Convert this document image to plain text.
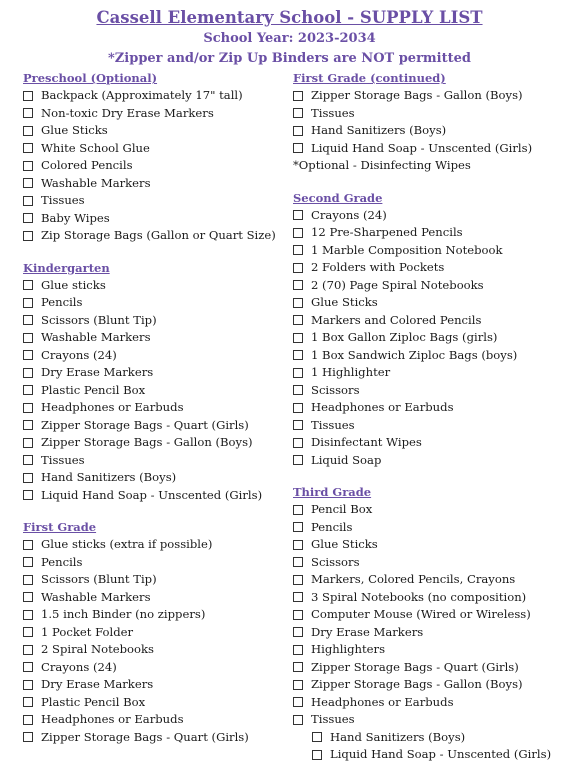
Cassell Elementary School - SUPPLY LIST
School Year: 2023-2034
*Zipper and/or Zip Up Binders are NOT permitted
Preschool (Optional)
Backpack (Approximately 17" tall)
Non-toxic Dry Erase Markers
Glue Sticks
White School Glue
Colored Pencils
Washable Markers
Tissues
Baby Wipes
Zip Storage Bags (Gallon or Quart Size)
Kindergarten
Glue sticks
Pencils
Scissors (Blunt Tip)
Washable Markers
Crayons (24)
Dry Erase Markers
Plastic Pencil Box
Headphones or Earbuds
Zipper Storage Bags - Quart (Girls)
Zipper Storage Bags - Gallon (Boys)
Tissues
Hand Sanitizers (Boys)
Liquid Hand Soap - Unscented (Girls)
First Grade
Glue sticks (extra if possible)
Pencils
Scissors (Blunt Tip)
Washable Markers
1.5 inch Binder (no zippers)
1 Pocket Folder
2 Spiral Notebooks
Crayons (24)
Dry Erase Markers
Plastic Pencil Box
Headphones or Earbuds
Zipper Storage Bags - Quart (Girls)
First Grade (continued)
Zipper Storage Bags - Gallon (Boys)
Tissues
Hand Sanitizers (Boys)
Liquid Hand Soap - Unscented (Girls)
*Optional - Disinfecting Wipes
Second Grade
Crayons (24)
12 Pre-Sharpened Pencils
1 Marble Composition Notebook
2 Folders with Pockets
2 (70) Page Spiral Notebooks
Glue Sticks
Markers and Colored Pencils
1 Box Gallon Ziploc Bags (girls)
1 Box Sandwich Ziploc Bags (boys)
1 Highlighter
Scissors
Headphones or Earbuds
Tissues
Disinfectant Wipes
Liquid Soap
Third Grade
Pencil Box
Pencils
Glue Sticks
Scissors
Markers, Colored Pencils, Crayons
3 Spiral Notebooks (no composition)
Computer Mouse (Wired or Wireless)
Dry Erase Markers
Highlighters
Zipper Storage Bags - Quart (Girls)
Zipper Storage Bags - Gallon (Boys)
Headphones or Earbuds
Tissues
Hand Sanitizers (Boys)
Liquid Hand Soap - Unscented (Girls)
